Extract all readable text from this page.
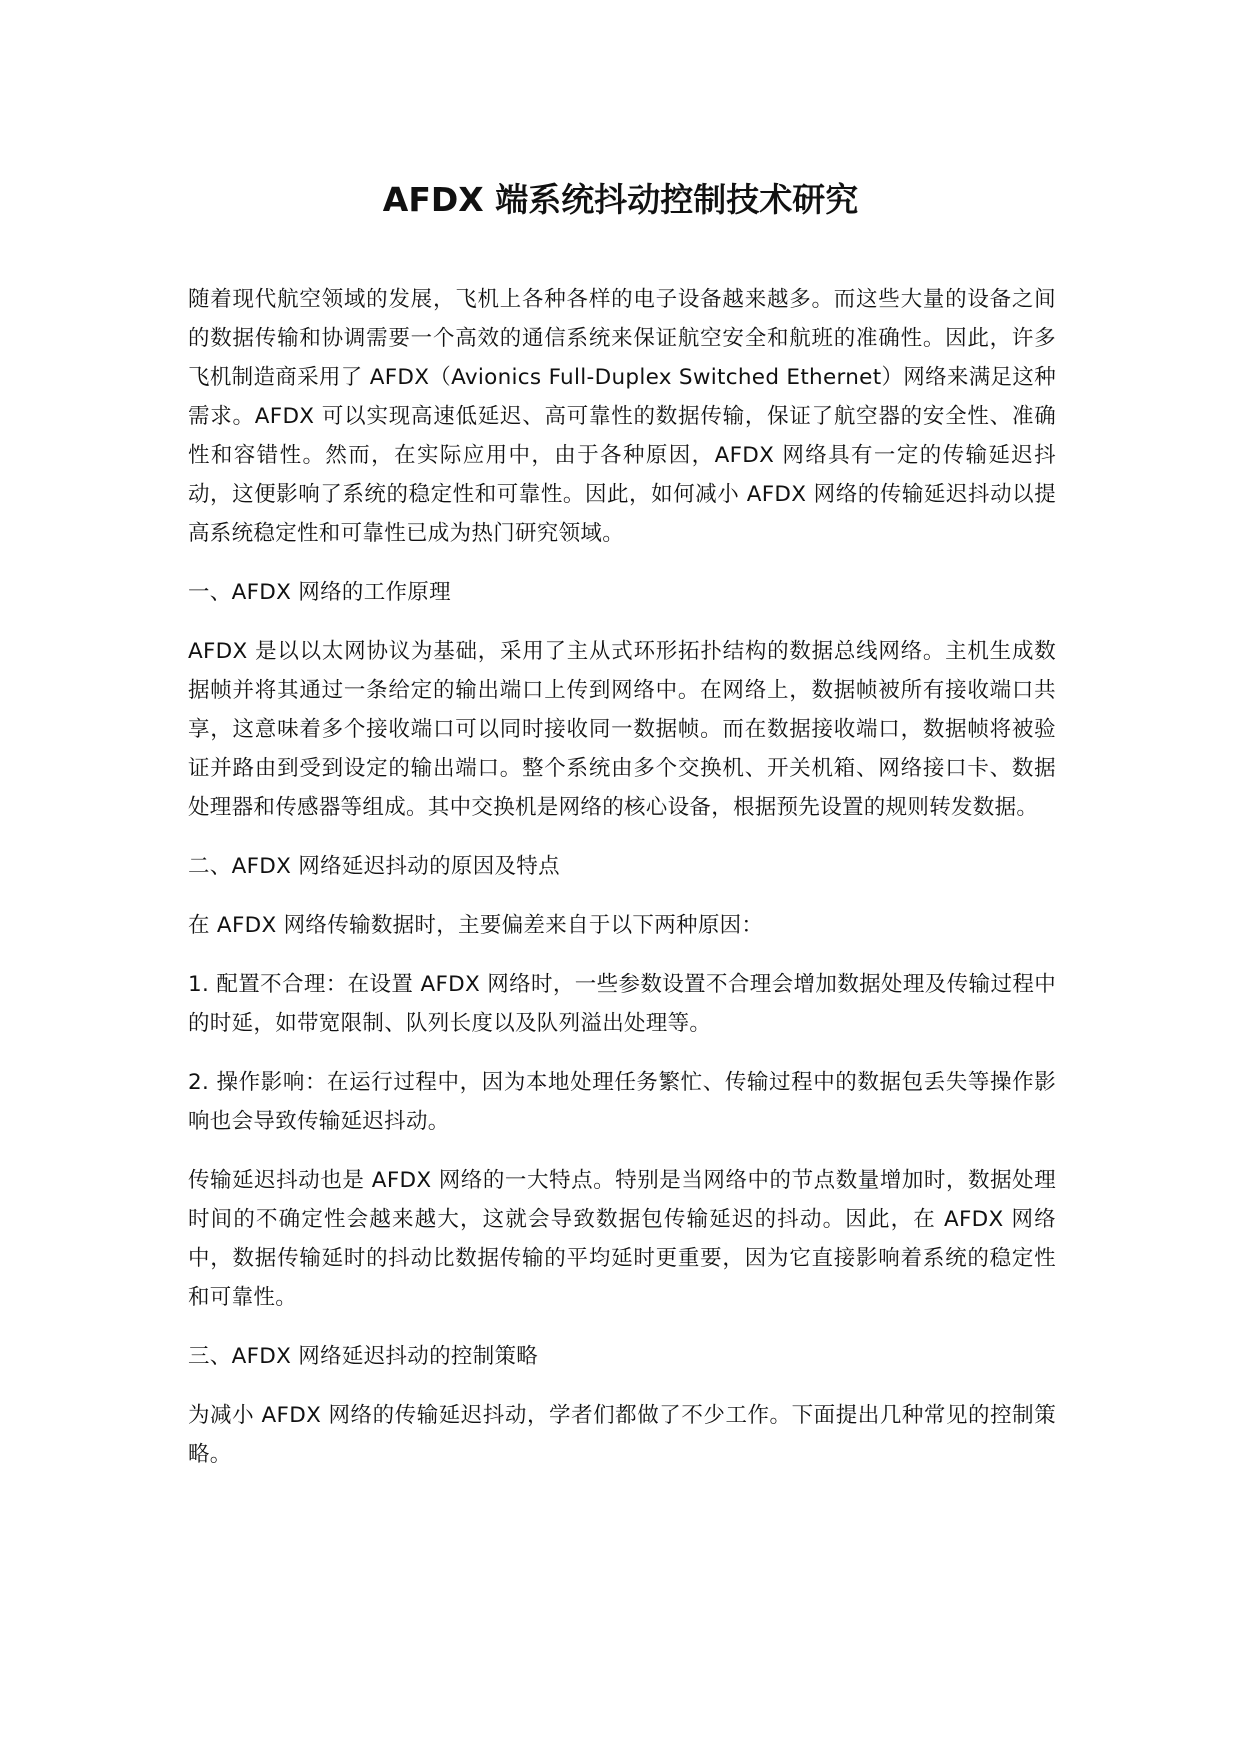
AFDX 端系统抖动控制技术研究

随着现代航空领域的发展，飞机上各种各样的电子设备越来越多。而这些大量的设备之间的数据传输和协调需要一个高效的通信系统来保证航空安全和航班的准确性。因此，许多飞机制造商采用了 AFDX（Avionics Full-Duplex Switched Ethernet）网络来满足这种需求。AFDX 可以实现高速低延迟、高可靠性的数据传输，保证了航空器的安全性、准确性和容错性。然而，在实际应用中，由于各种原因，AFDX 网络具有一定的传输延迟抖动，这便影响了系统的稳定性和可靠性。因此，如何减小 AFDX 网络的传输延迟抖动以提高系统稳定性和可靠性已成为热门研究领域。

一、AFDX 网络的工作原理

AFDX 是以以太网协议为基础，采用了主从式环形拓扑结构的数据总线网络。主机生成数据帧并将其通过一条给定的输出端口上传到网络中。在网络上，数据帧被所有接收端口共享，这意味着多个接收端口可以同时接收同一数据帧。而在数据接收端口，数据帧将被验证并路由到受到设定的输出端口。整个系统由多个交换机、开关机箱、网络接口卡、数据处理器和传感器等组成。其中交换机是网络的核心设备，根据预先设置的规则转发数据。

二、AFDX 网络延迟抖动的原因及特点

在 AFDX 网络传输数据时，主要偏差来自于以下两种原因：

1. 配置不合理：在设置 AFDX 网络时，一些参数设置不合理会增加数据处理及传输过程中的时延，如带宽限制、队列长度以及队列溢出处理等。

2. 操作影响：在运行过程中，因为本地处理任务繁忙、传输过程中的数据包丢失等操作影响也会导致传输延迟抖动。

传输延迟抖动也是 AFDX 网络的一大特点。特别是当网络中的节点数量增加时，数据处理时间的不确定性会越来越大，这就会导致数据包传输延迟的抖动。因此，在 AFDX 网络中，数据传输延时的抖动比数据传输的平均延时更重要，因为它直接影响着系统的稳定性和可靠性。

三、AFDX 网络延迟抖动的控制策略

为减小 AFDX 网络的传输延迟抖动，学者们都做了不少工作。下面提出几种常见的控制策略。
